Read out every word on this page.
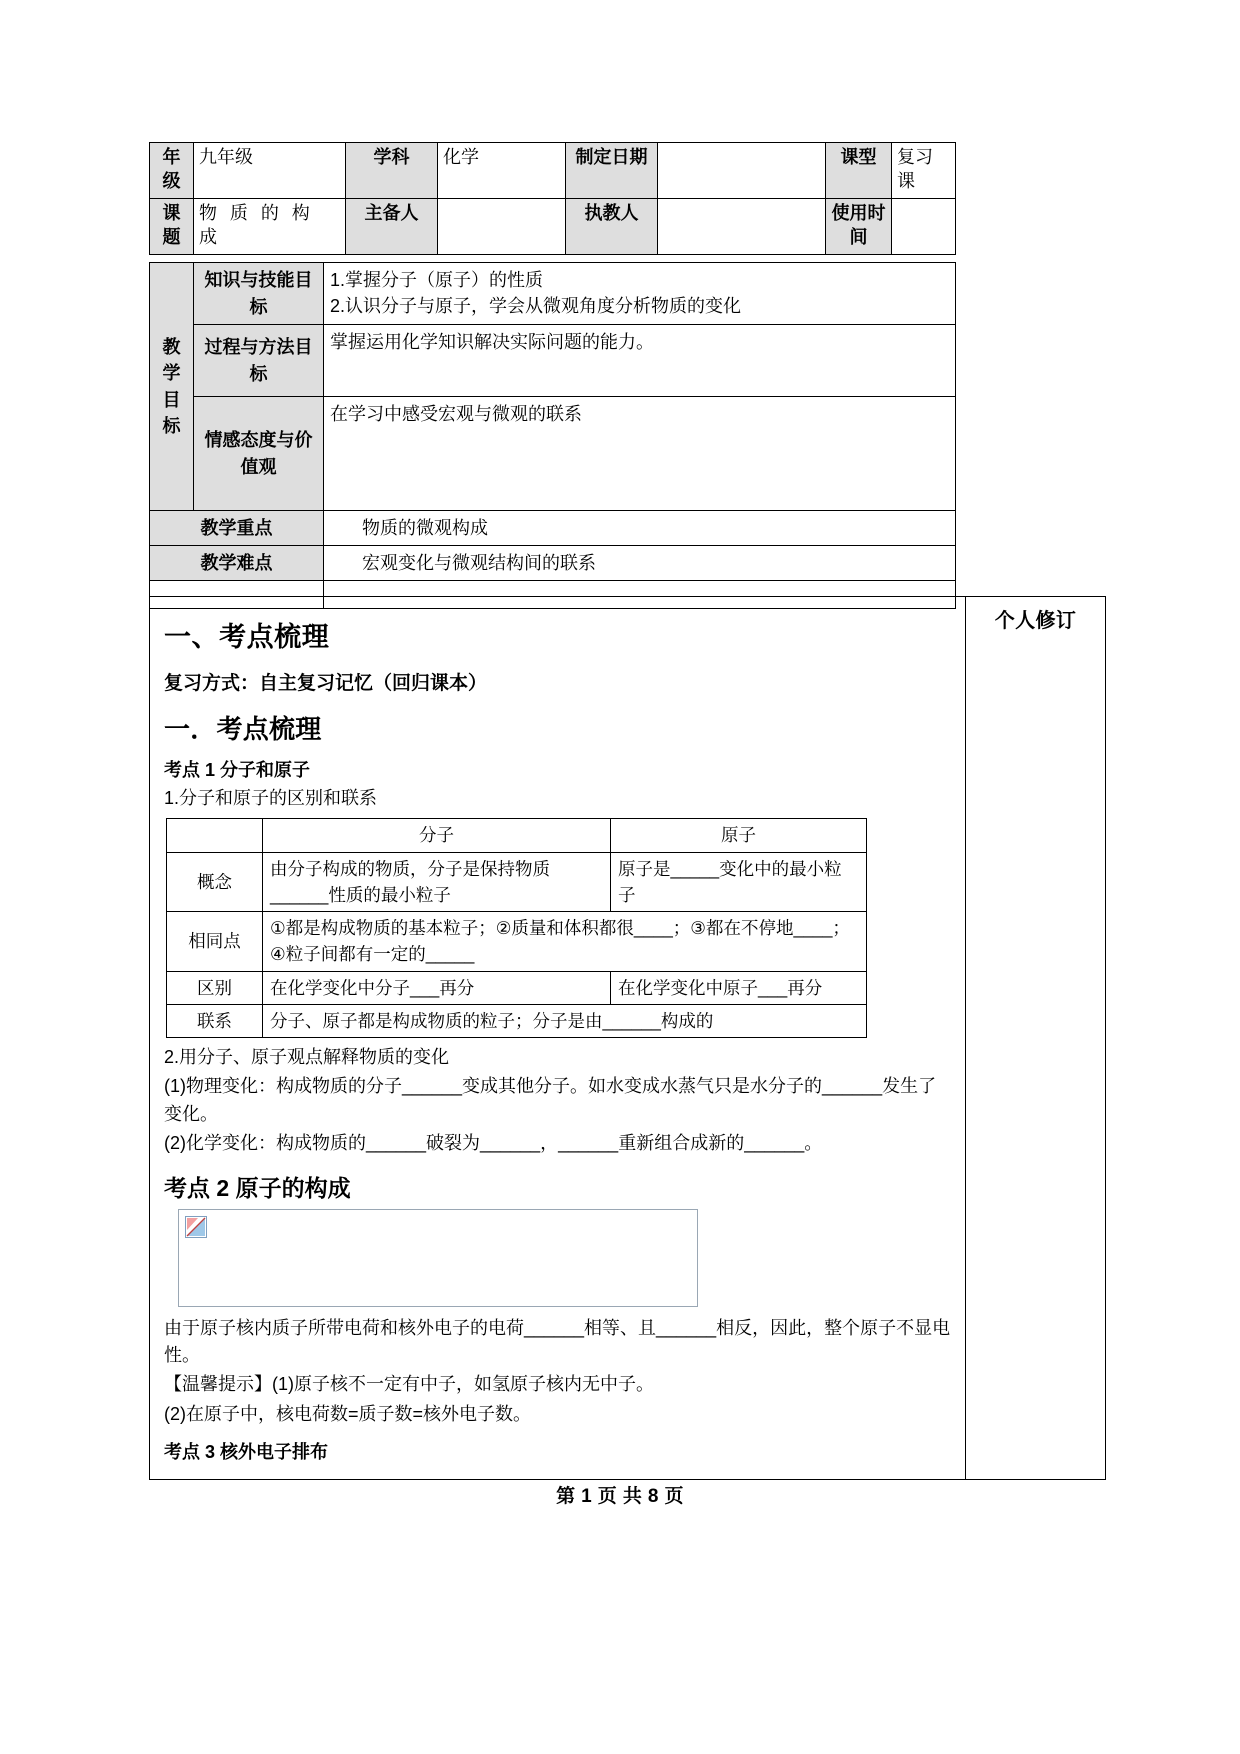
年级	九年级	学科	化学	制定日期		课型	复习课
课题	物 质 的 构 成	主备人		执教人		使用时间	
教学目标	知识与技能目标	1.掌握分子（原子）的性质
2.认识分子与原子，学会从微观角度分析物质的变化

	过程与方法目标	掌握运用化学知识解决实际问题的能力。

	情感态度与价值观	在学习中感受宏观与微观的联系

教学重点		物质的微观构成
教学难点		宏观变化与微观结构间的联系

一、考点梳理
复习方式：自主复习记忆（回归课本）
一．考点梳理
考点 1 分子和原子
1.分子和原子的区别和联系
	分子	原子
概念	由分子构成的物质，分子是保持物质______性质的最小粒子	原子是_____变化中的最小粒子
相同点	①都是构成物质的基本粒子；②质量和体积都很____；③都在不停地____；④粒子间都有一定的_____
区别	在化学变化中分子___再分	在化学变化中原子___再分
联系	分子、原子都是构成物质的粒子；分子是由______构成的
2.用分子、原子观点解释物质的变化
(1)物理变化：构成物质的分子______变成其他分子。如水变成水蒸气只是水分子的______发生了变化。
(2)化学变化：构成物质的______破裂为______，______重新组合成新的______。
考点 2 原子的构成
由于原子核内质子所带电荷和核外电子的电荷______相等、且______相反，因此，整个原子不显电性。
【温馨提示】(1)原子核不一定有中子，如氢原子核内无中子。
(2)在原子中，核电荷数=质子数=核外电子数。
考点 3 核外电子排布

个人修订
第 1 页 共 8 页
